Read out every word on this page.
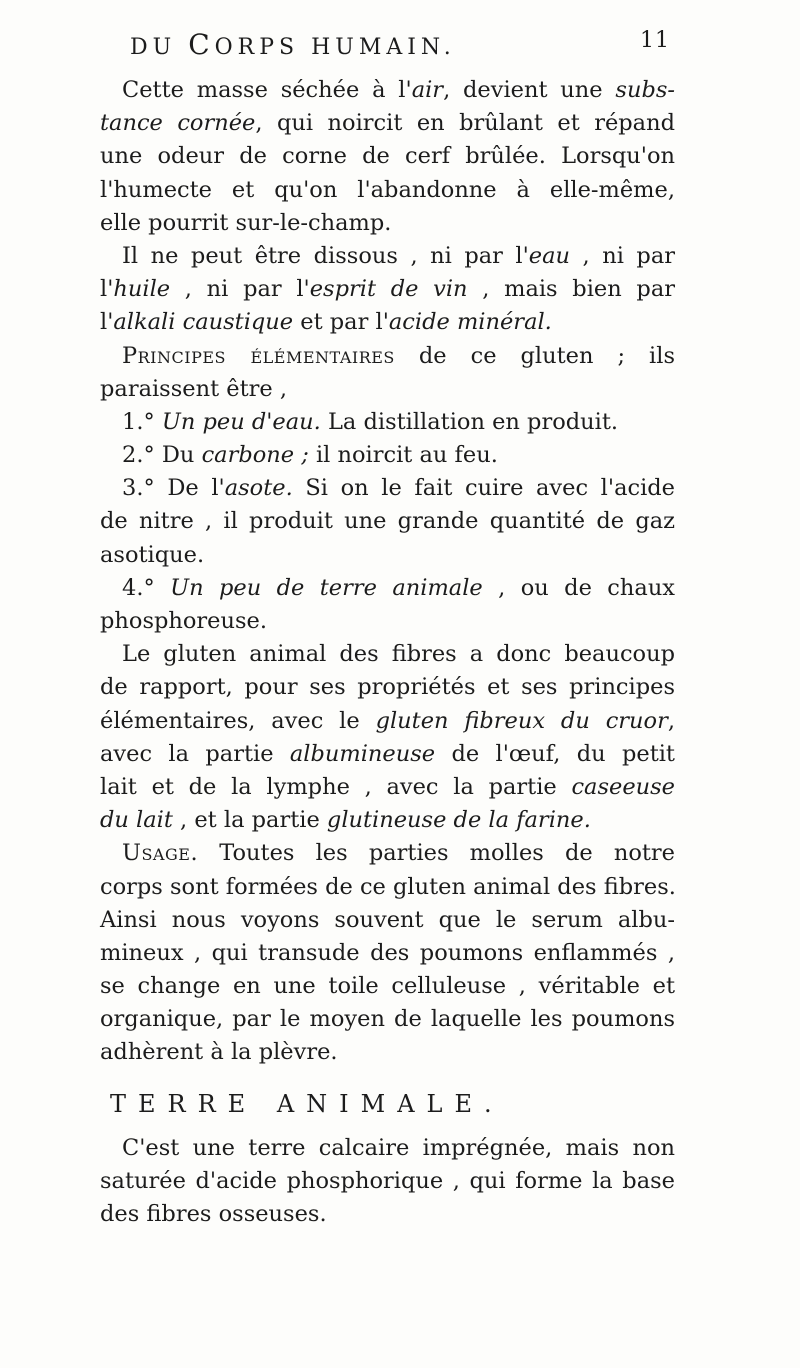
DU CORPS HUMAIN.	11
Cette masse séchée à l'air, devient une subs-
tance cornée, qui noircit en brûlant et répand
une odeur de corne de cerf brûlée. Lorsqu'on
l'humecte et qu'on l'abandonne à elle-même,
elle pourrit sur-le-champ.
Il ne peut être dissous , ni par l'eau , ni par
l'huile , ni par l'esprit de vin , mais bien par
l'alkali caustique et par l'acide minéral.
Principes élémentaires de ce gluten ; ils
paraissent être ,
1.° Un peu d'eau. La distillation en produit.
2.° Du carbone ; il noircit au feu.
3.° De l'asote. Si on le fait cuire avec l'acide
de nitre , il produit une grande quantité de gaz
asotique.
4.° Un peu de terre animale , ou de chaux
phosphoreuse.
Le gluten animal des fibres a donc beaucoup
de rapport, pour ses propriétés et ses principes
élémentaires, avec le gluten fibreux du cruor,
avec la partie albumineuse de l'œuf, du petit
lait et de la lymphe , avec la partie caseeuse
du lait , et la partie glutineuse de la farine.
Usage. Toutes les parties molles de notre
corps sont formées de ce gluten animal des fibres.
Ainsi nous voyons souvent que le serum albu-
mineux , qui transude des poumons enflammés ,
se change en une toile celluleuse , véritable et
organique, par le moyen de laquelle les poumons
adhèrent à la plèvre.
TERRE ANIMALE.
C'est une terre calcaire imprégnée, mais non
saturée d'acide phosphorique , qui forme la base
des fibres osseuses.
